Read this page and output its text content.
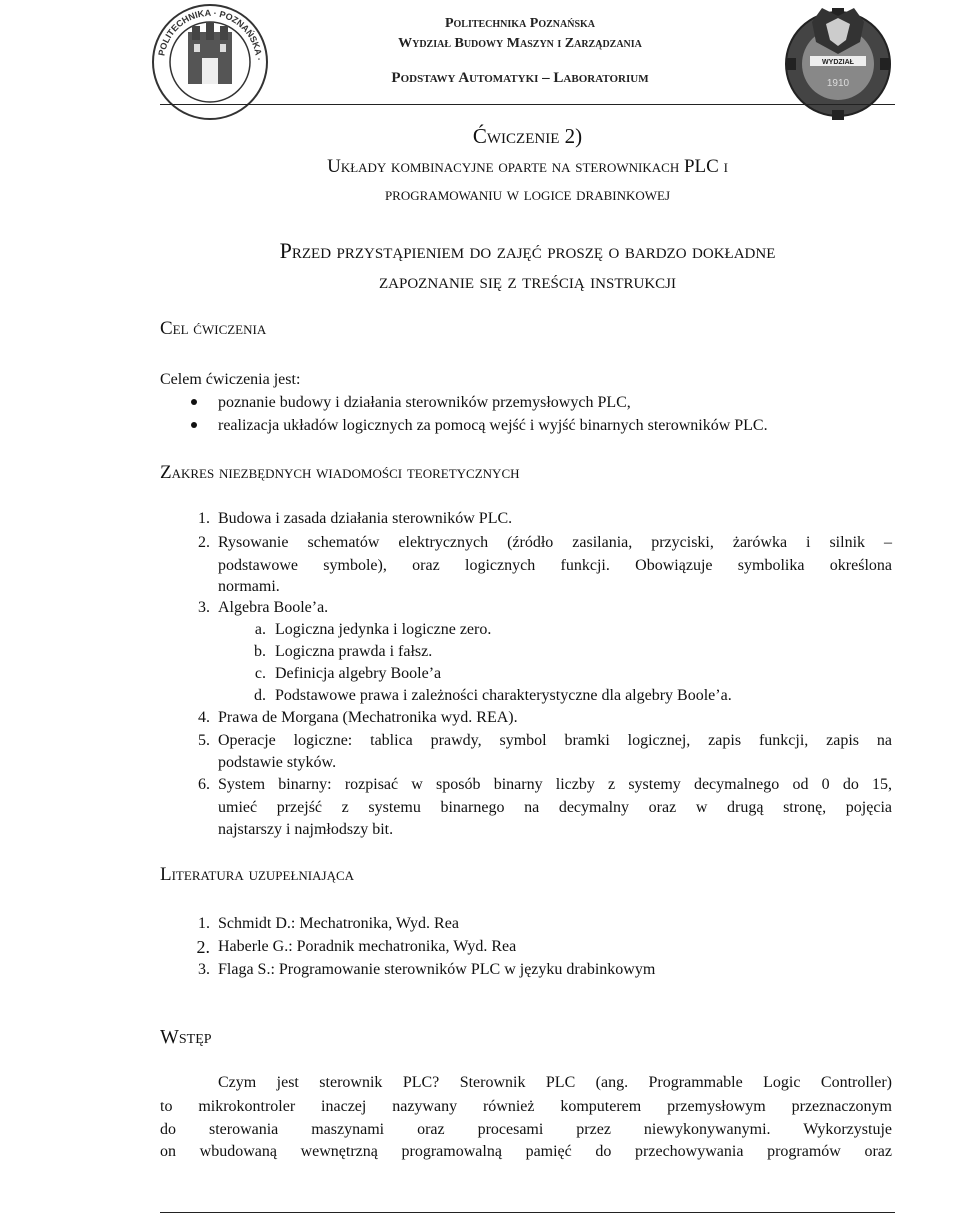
POLITECHNIKA · POZNAŃSKA ·	WYDZIAŁ
1910
Politechnika Poznańska
Wydział Budowy Maszyn i Zarządzania
Podstawy Automatyki – Laboratorium
Ćwiczenie 2)
Układy kombinacyjne oparte na sterownikach PLC i
programowaniu w logice drabinkowej
Przed przystąpieniem do zajęć proszę o bardzo dokładne
zapoznanie się z treścią instrukcji
Cel ćwiczenia
Celem ćwiczenia jest:
poznanie budowy i działania sterowników przemysłowych PLC,
realizacja układów logicznych za pomocą wejść i wyjść binarnych sterowników PLC.
Zakres niezbędnych wiadomości teoretycznych
1. Budowa i zasada działania sterowników PLC.
2. Rysowanie schematów elektrycznych (źródło zasilania, przyciski, żarówka i silnik –
podstawowe symbole), oraz logicznych funkcji. Obowiązuje symbolika określona
normami.
3. Algebra Boole’a.
a. Logiczna jedynka i logiczne zero.
b. Logiczna prawda i fałsz.
c. Definicja algebry Boole’a
d. Podstawowe prawa i zależności charakterystyczne dla algebry Boole’a.
4. Prawa de Morgana (Mechatronika wyd. REA).
5. Operacje logiczne: tablica prawdy, symbol bramki logicznej, zapis funkcji, zapis na
podstawie styków.
6. System binarny: rozpisać w sposób binarny liczby z systemy decymalnego od 0 do 15,
umieć przejść z systemu binarnego na decymalny oraz w drugą stronę, pojęcia
najstarszy i najmłodszy bit.
Literatura uzupełniająca
1. Schmidt D.: Mechatronika, Wyd. Rea
2. Haberle G.: Poradnik mechatronika, Wyd. Rea
3. Flaga S.: Programowanie sterowników PLC w języku drabinkowym
Wstęp
Czym jest sterownik PLC? Sterownik PLC (ang. Programmable Logic Controller)
to mikrokontroler inaczej nazywany również komputerem przemysłowym przeznaczonym
do sterowania maszynami oraz procesami przez niewykonywanymi. Wykorzystuje
on wbudowaną wewnętrzną programowalną pamięć do przechowywania programów oraz
